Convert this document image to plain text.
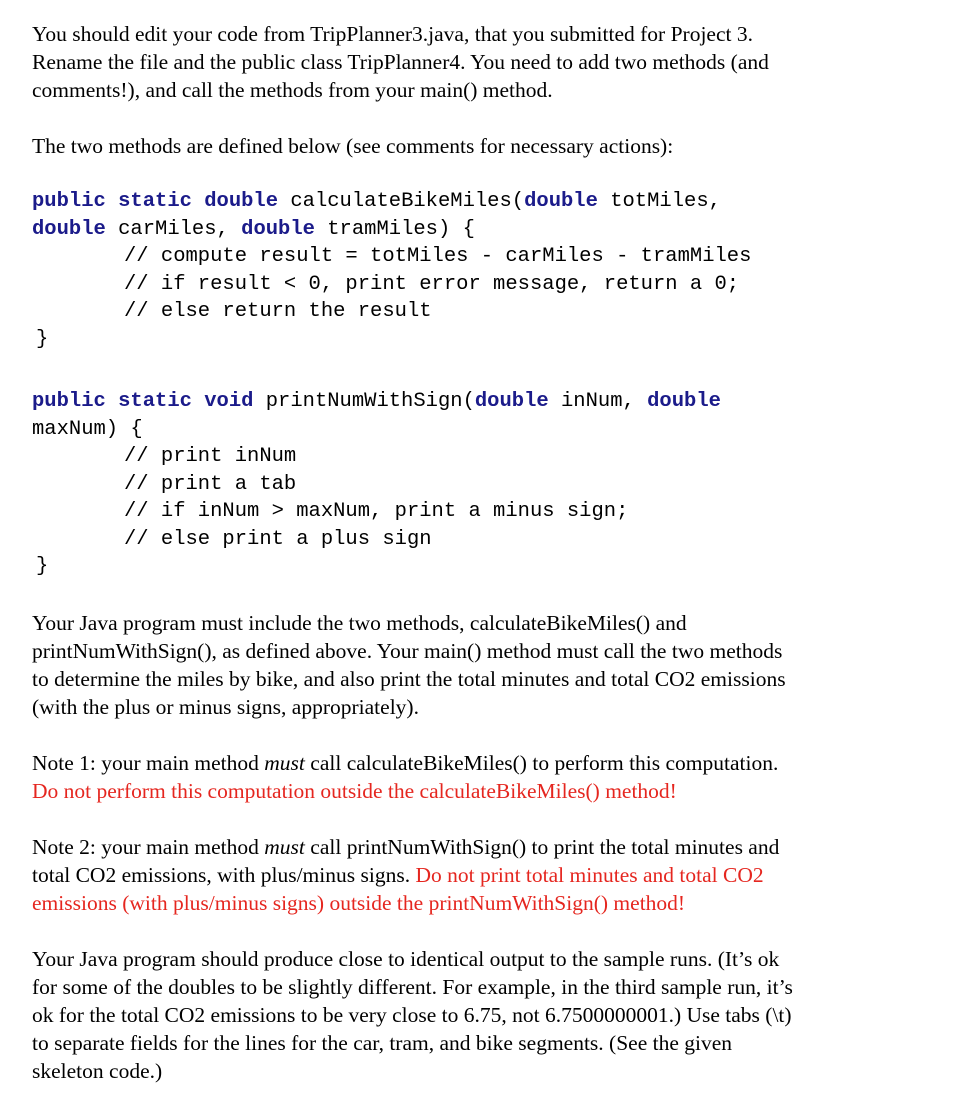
You should edit your code from TripPlanner3.java, that you submitted for Project 3.

Rename the file and the public class TripPlanner4. You need to add two methods (and

comments!), and call the methods from your main() method.

The two methods are defined below (see comments for necessary actions):

public static double calculateBikeMiles(double totMiles,
double carMiles, double tramMiles) {
// compute result = totMiles - carMiles - tramMiles
// if result < 0, print error message, return a 0;
// else return the result
}
public static void printNumWithSign(double inNum, double
maxNum) {
// print inNum
// print a tab
// if inNum > maxNum, print a minus sign;
// else print a plus sign
}

Your Java program must include the two methods, calculateBikeMiles() and

printNumWithSign(), as defined above. Your main() method must call the two methods

to determine the miles by bike, and also print the total minutes and total CO2 emissions

(with the plus or minus signs, appropriately).

Note 1: your main method must call calculateBikeMiles() to perform this computation.

Do not perform this computation outside the calculateBikeMiles() method!

Note 2: your main method must call printNumWithSign() to print the total minutes and

total CO2 emissions, with plus/minus signs. Do not print total minutes and total CO2

emissions (with plus/minus signs) outside the printNumWithSign() method!

Your Java program should produce close to identical output to the sample runs. (It’s ok

for some of the doubles to be slightly different. For example, in the third sample run, it’s

ok for the total CO2 emissions to be very close to 6.75, not 6.7500000001.) Use tabs (\t)

to separate fields for the lines for the car, tram, and bike segments. (See the given

skeleton code.)
